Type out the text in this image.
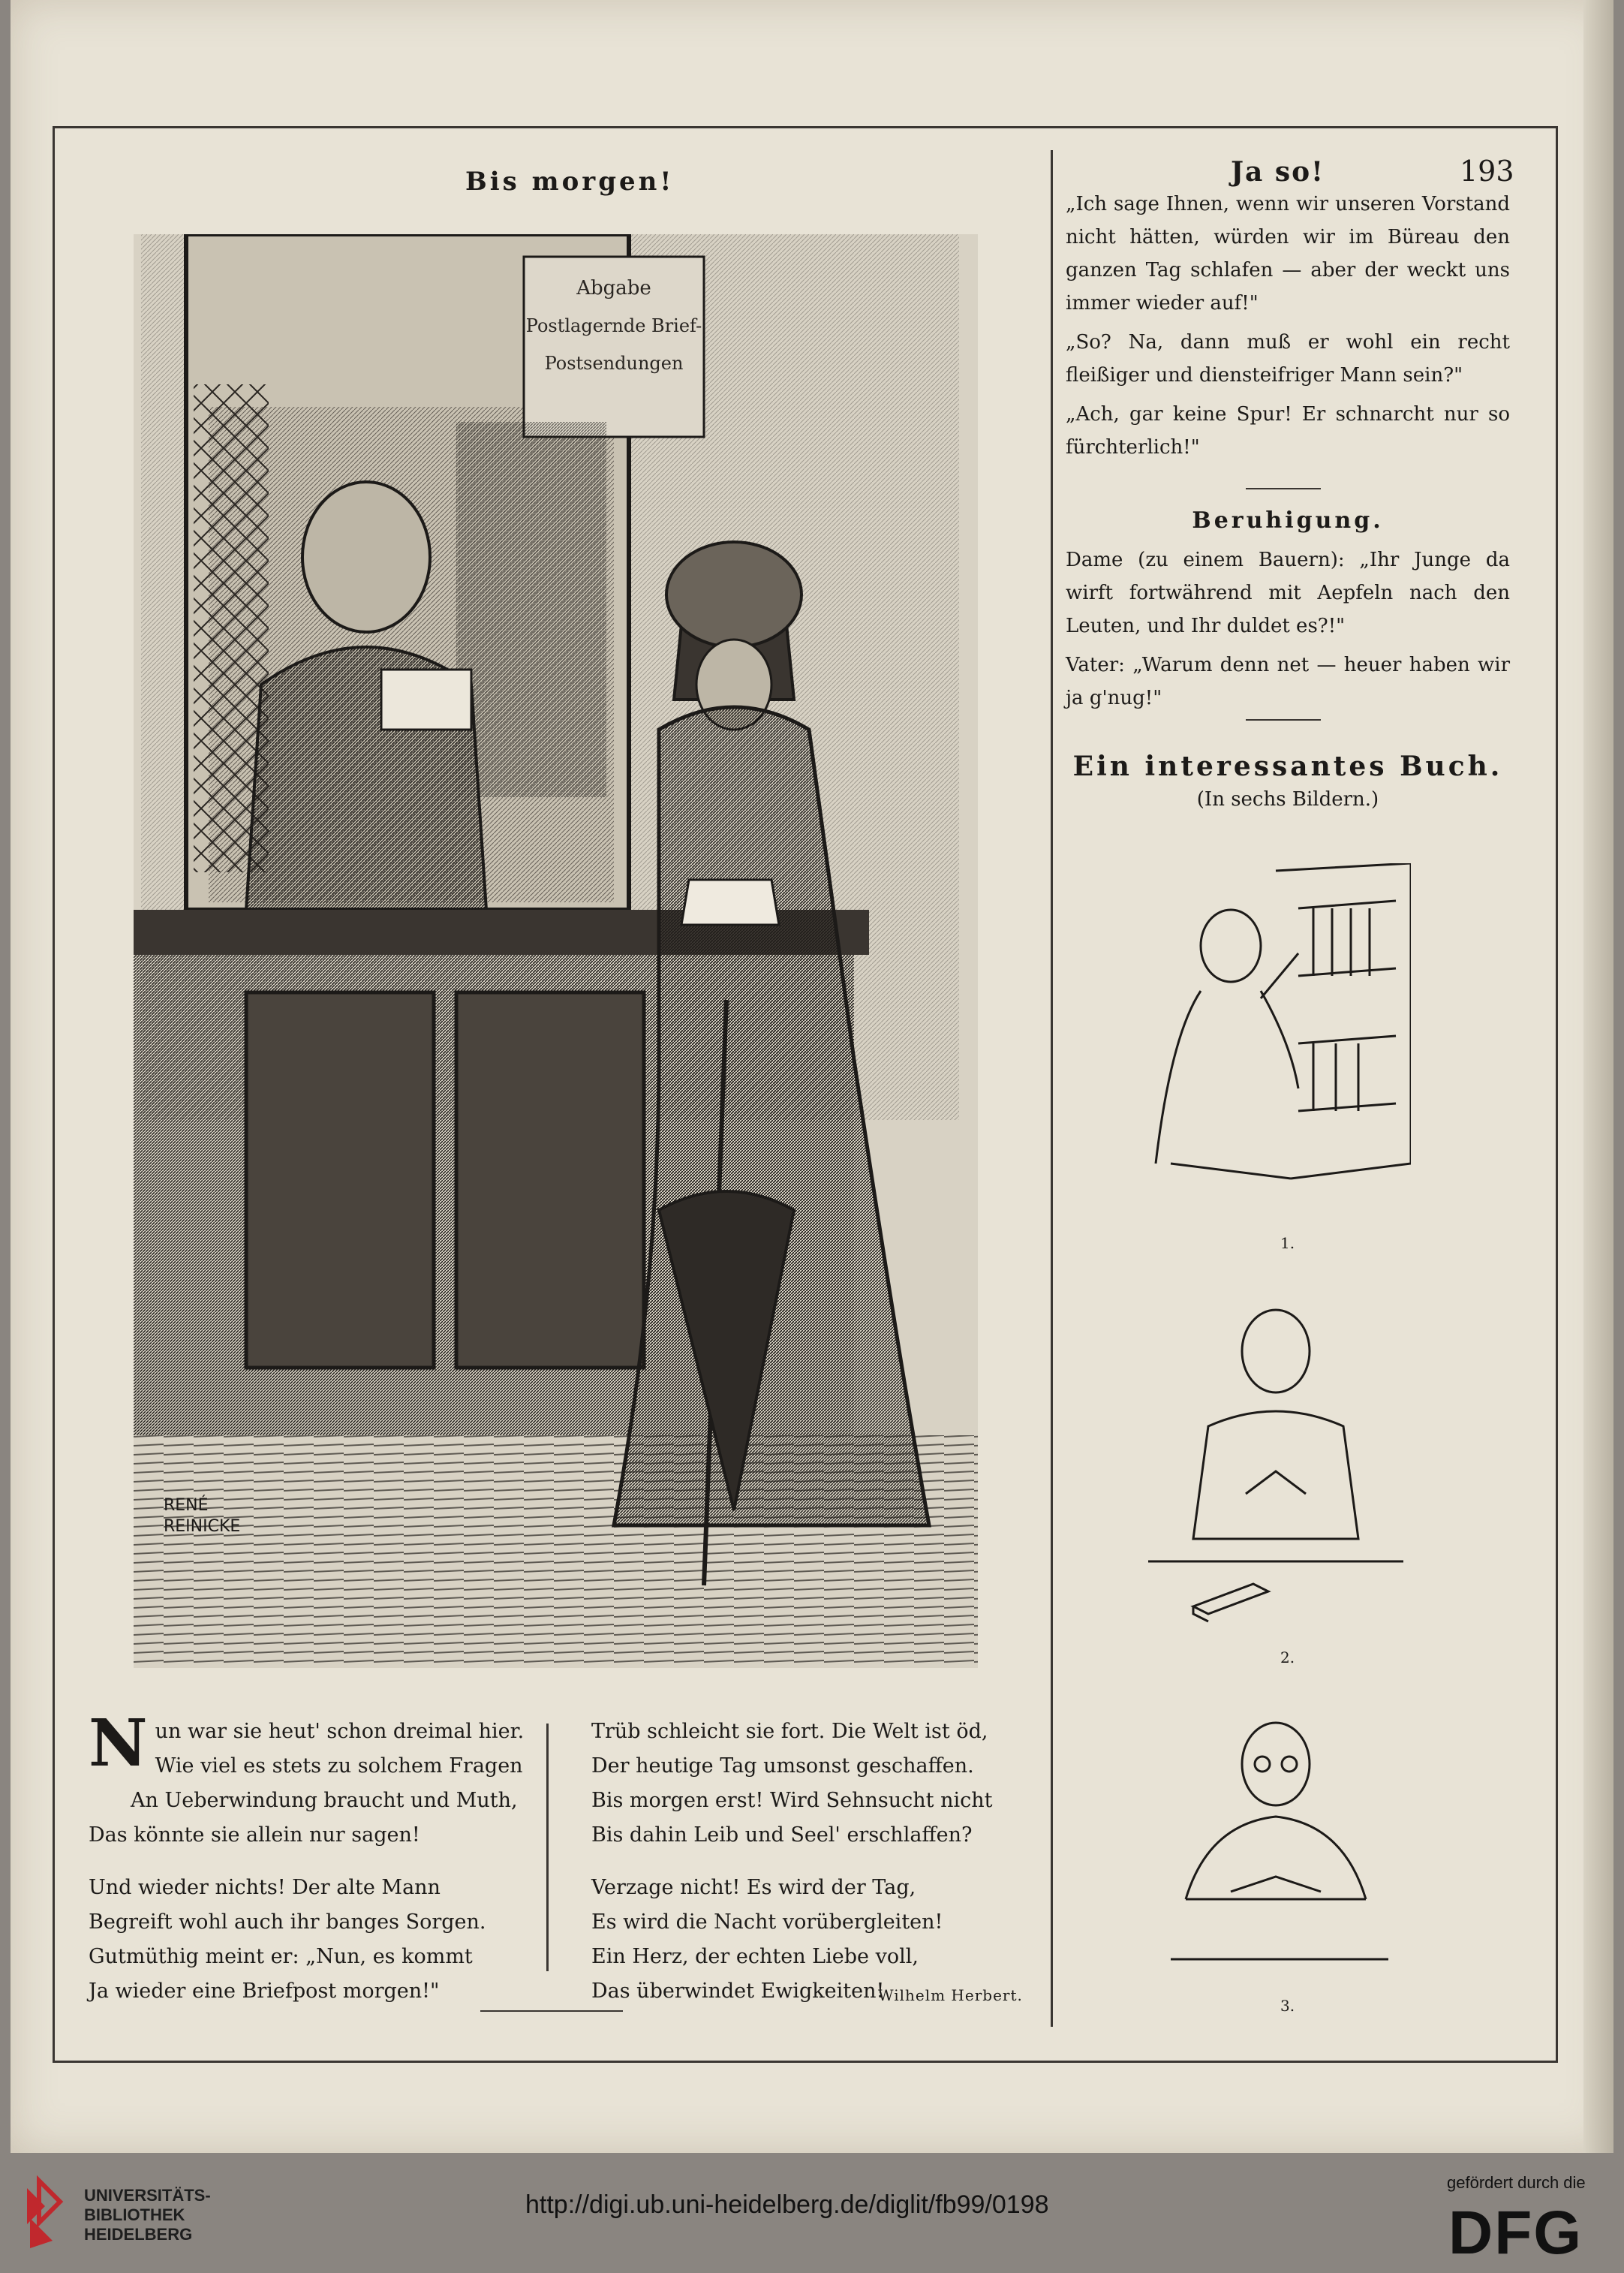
Bis morgen!	Ja so!	193
Abgabe
Postlagernde Brief-
Postsendungen
RENÉ
REINICKE
N un war sie heut' schon dreimal hier.
Wie viel es stets zu solchem Fragen
An Ueberwindung braucht und Muth,
Das könnte sie allein nur sagen!
Und wieder nichts! Der alte Mann
Begreift wohl auch ihr banges Sorgen.
Gutmüthig meint er: „Nun, es kommt
Ja wieder eine Briefpost morgen!"
Trüb schleicht sie fort. Die Welt ist öd,
Der heutige Tag umsonst geschaffen.
Bis morgen erst! Wird Sehnsucht nicht
Bis dahin Leib und Seel' erschlaffen?
Verzage nicht! Es wird der Tag,
Es wird die Nacht vorübergleiten!
Ein Herz, der echten Liebe voll,
Das überwindet Ewigkeiten!
Wilhelm Herbert.

„Ich sage Ihnen, wenn wir unseren Vorstand nicht hätten, würden wir im Büreau den ganzen Tag schlafen — aber der weckt uns immer wieder auf!"

„So? Na, dann muß er wohl ein recht fleißiger und diensteifriger Mann sein?"

„Ach, gar keine Spur! Er schnarcht nur so fürchterlich!"

Beruhigung.

Dame (zu einem Bauern): „Ihr Junge da wirft fortwährend mit Aepfeln nach den Leuten, und Ihr duldet es?!"

Vater: „Warum denn net — heuer haben wir ja g'nug!"

Ein interessantes Buch.
(In sechs Bildern.)
1.
2.
3.
UNIVERSITÄTS-
BIBLIOTHEK
HEIDELBERG
http://digi.ub.uni-heidelberg.de/diglit/fb99/0198
gefördert durch die
DFG
